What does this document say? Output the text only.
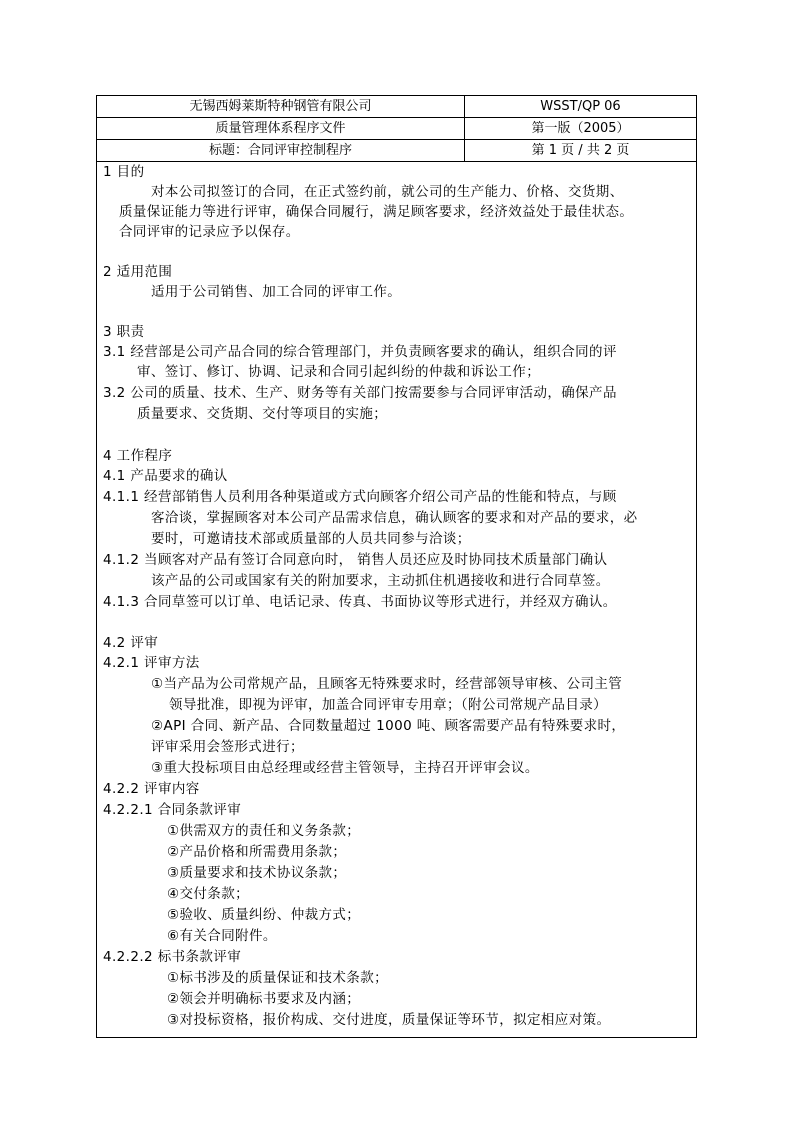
无锡西姆莱斯特种钢管有限公司	WSST/QP 06
质量管理体系程序文件	第一版（2005）
标题：合同评审控制程序	第 1 页 / 共 2 页
1 目的
对本公司拟签订的合同，在正式签约前，就公司的生产能力、价格、交货期、
质量保证能力等进行评审，确保合同履行，满足顾客要求，经济效益处于最佳状态。
合同评审的记录应予以保存。
2 适用范围
适用于公司销售、加工合同的评审工作。
3 职责
3.1 经营部是公司产品合同的综合管理部门，并负责顾客要求的确认，组织合同的评
审、签订、修订、协调、记录和合同引起纠纷的仲裁和诉讼工作；
3.2 公司的质量、技术、生产、财务等有关部门按需要参与合同评审活动，确保产品
质量要求、交货期、交付等项目的实施；
4 工作程序
4.1 产品要求的确认
4.1.1 经营部销售人员利用各种渠道或方式向顾客介绍公司产品的性能和特点，与顾
客洽谈，掌握顾客对本公司产品需求信息，确认顾客的要求和对产品的要求，必
要时，可邀请技术部或质量部的人员共同参与洽谈；
4.1.2 当顾客对产品有签订合同意向时， 销售人员还应及时协同技术质量部门确认
该产品的公司或国家有关的附加要求，主动抓住机遇接收和进行合同草签。
4.1.3 合同草签可以订单、电话记录、传真、书面协议等形式进行，并经双方确认。
4.2 评审
4.2.1 评审方法
①当产品为公司常规产品，且顾客无特殊要求时，经营部领导审核、公司主管
领导批准，即视为评审，加盖合同评审专用章；（附公司常规产品目录）
②API 合同、新产品、合同数量超过 1000 吨、顾客需要产品有特殊要求时，
评审采用会签形式进行；
③重大投标项目由总经理或经营主管领导，主持召开评审会议。
4.2.2 评审内容
4.2.2.1 合同条款评审
①供需双方的责任和义务条款；
②产品价格和所需费用条款；
③质量要求和技术协议条款；
④交付条款；
⑤验收、质量纠纷、仲裁方式；
⑥有关合同附件。
4.2.2.2 标书条款评审
①标书涉及的质量保证和技术条款；
②领会并明确标书要求及内涵；
③对投标资格，报价构成、交付进度，质量保证等环节，拟定相应对策。
